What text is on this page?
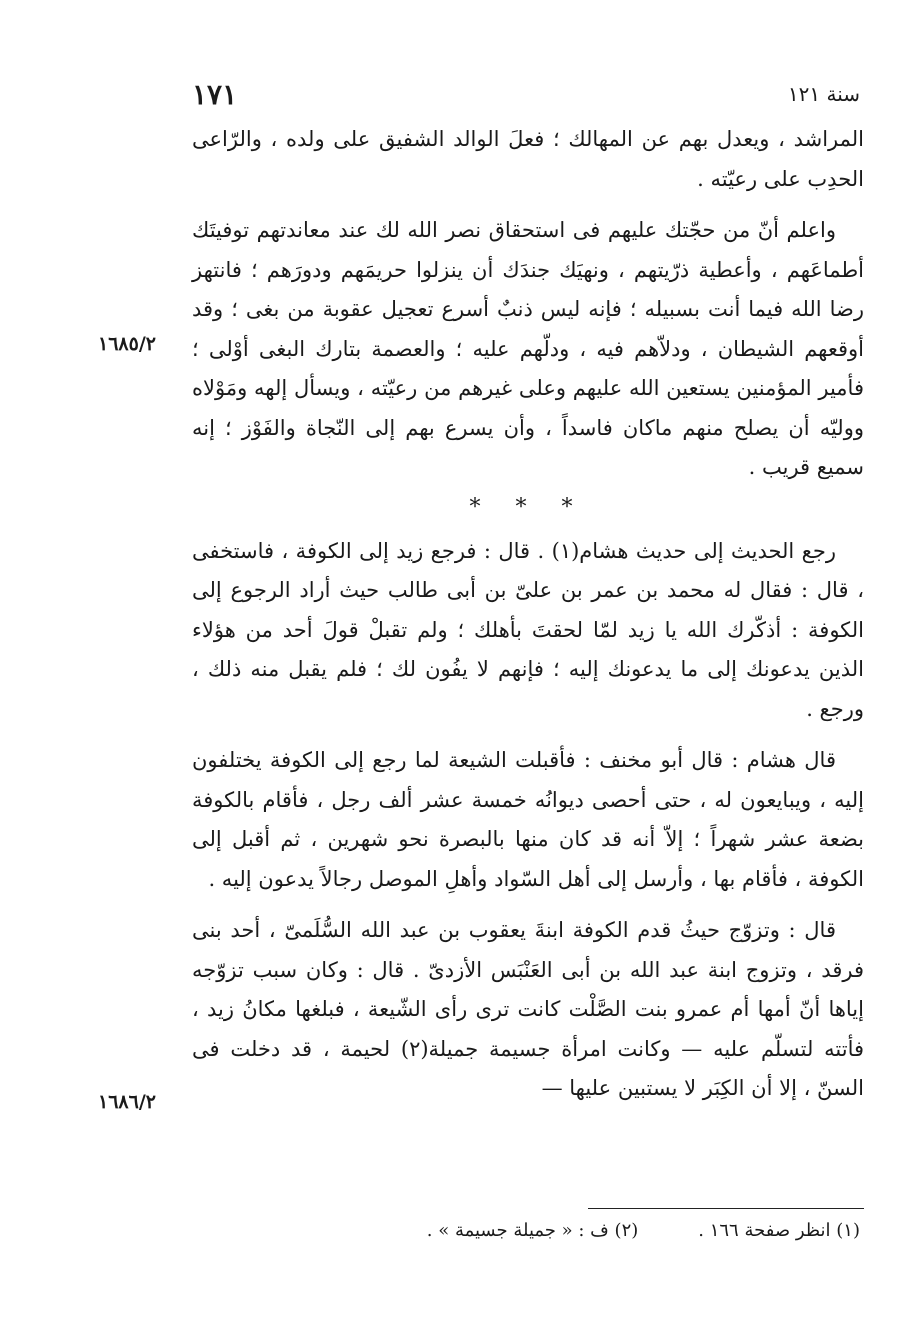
١٧١	سنة ١٢١
١٦٨٥/٢
١٦٨٦/٢

المراشد ، ويعدل بهم عن المهالك ؛ فعلَ الوالد الشفيق على ولده ، والرّاعى الحدِب على رعيّته .

واعلم أنّ من حجّتك عليهم فى استحقاق نصر الله لك عند معاندتهم توفيتَك أطماعَهم ، وأعطية ذرّيتهم ، ونهيَك جندَك أن ينزلوا حريمَهم ودورَهم ؛ فانتهز رضا الله فيما أنت بسبيله ؛ فإنه ليس ذنبٌ أسرع تعجيل عقوبة من بغى ؛ وقد أوقعهم الشيطان ، ودلاّهم فيه ، ودلّهم عليه ؛ والعصمة بتارك البغى أوْلى ؛ فأمير المؤمنين يستعين الله عليهم وعلى غيرهم من رعيّته ، ويسأل إلهه ومَوْلاه ووليّه أن يصلح منهم ماكان فاسداً ، وأن يسرع بهم إلى النّجاة والفَوْز ؛ إنه سميع قريب .

* * *

رجع الحديث إلى حديث هشام(١) . قال : فرجع زيد إلى الكوفة ، فاستخفى ، قال : فقال له محمد بن عمر بن علىّ بن أبى طالب حيث أراد الرجوع إلى الكوفة : أذكّرك الله يا زيد لمّا لحقتَ بأهلك ؛ ولم تقبلْ قولَ أحد من هؤلاء الذين يدعونك إلى ما يدعونك إليه ؛ فإنهم لا يفُون لك ؛ فلم يقبل منه ذلك ، ورجع .

قال هشام : قال أبو مخنف : فأقبلت الشيعة لما رجع إلى الكوفة يختلفون إليه ، ويبايعون له ، حتى أحصى ديوانُه خمسة عشر ألف رجل ، فأقام بالكوفة بضعة عشر شهراً ؛ إلاّ أنه قد كان منها بالبصرة نحو شهرين ، ثم أقبل إلى الكوفة ، فأقام بها ، وأرسل إلى أهل السّواد وأهلِ الموصل رجالاً يدعون إليه .

قال : وتزوّج حيثُ قدم الكوفة ابنةَ يعقوب بن عبد الله السُّلَمىّ ، أحد بنى فرقد ، وتزوج ابنة عبد الله بن أبى العَنْبَس الأزدىّ . قال : وكان سبب تزوّجه إياها أنّ أمها أم عمرو بنت الصَّلْت كانت ترى رأى الشّيعة ، فبلغها مكانُ زيد ، فأتته لتسلّم عليه — وكانت امرأة جسيمة جميلة(٢) لحيمة ، قد دخلت فى السنّ ، إلا أن الكِبَر لا يستبين عليها —

(١) انظر صفحة ١٦٦ .
(٢) ف : « جميلة جسيمة » .
